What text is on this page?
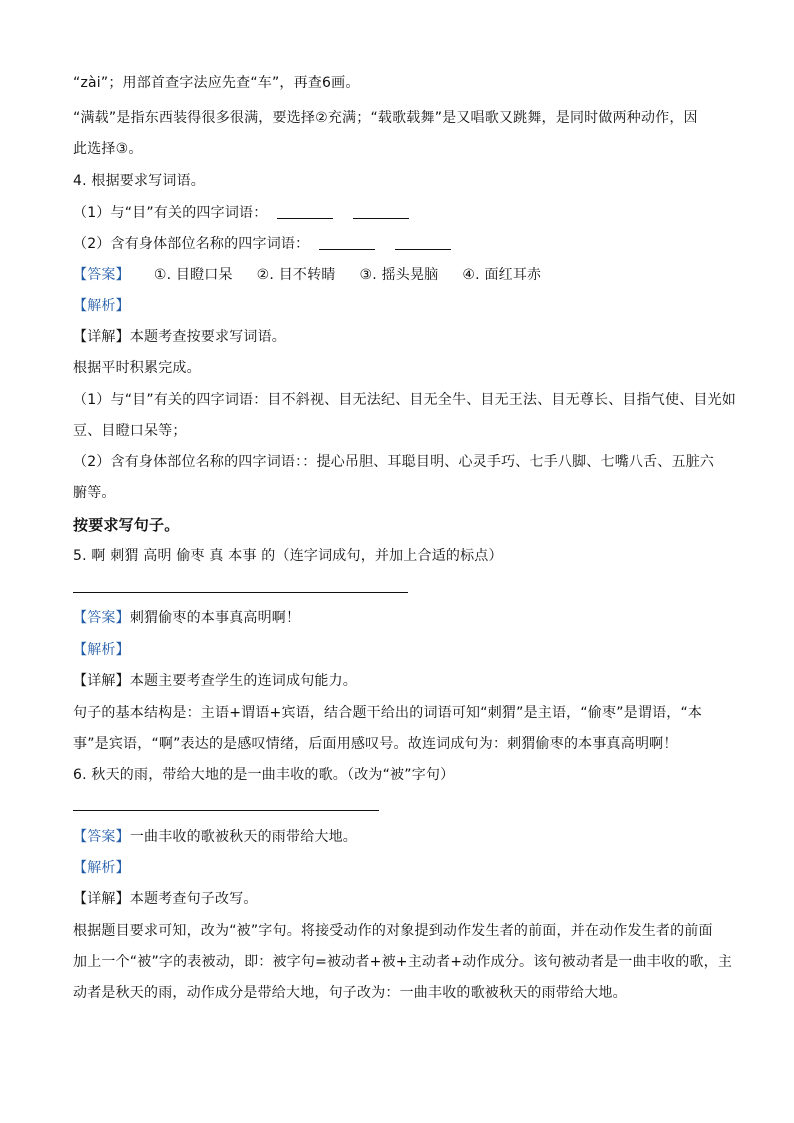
“zài”；用部首查字法应先查“车”，再查6画。
“满载”是指东西装得很多很满，要选择②充满；“载歌载舞”是又唱歌又跳舞，是同时做两种动作，因
此选择③。
4. 根据要求写词语。
（1）与“目”有关的四字词语：
（2）含有身体部位名称的四字词语：
【答案】 ①. 目瞪口呆 ②. 目不转睛 ③. 摇头晃脑 ④. 面红耳赤
【解析】
【详解】本题考查按要求写词语。
根据平时积累完成。
（1）与“目”有关的四字词语：目不斜视、目无法纪、目无全牛、目无王法、目无尊长、目指气使、目光如
豆、目瞪口呆等；
（2）含有身体部位名称的四字词语：：提心吊胆、耳聪目明、心灵手巧、七手八脚、七嘴八舌、五脏六
腑等。
按要求写句子。
5. 啊 刺猬 高明 偷枣 真 本事 的（连字词成句，并加上合适的标点）
【答案】刺猬偷枣的本事真高明啊！
【解析】
【详解】本题主要考查学生的连词成句能力。
句子的基本结构是：主语+谓语+宾语，结合题干给出的词语可知“刺猬”是主语，“偷枣”是谓语，“本
事”是宾语，“啊”表达的是感叹情绪，后面用感叹号。故连词成句为：刺猬偷枣的本事真高明啊！
6. 秋天的雨，带给大地的是一曲丰收的歌。（改为“被”字句）
【答案】一曲丰收的歌被秋天的雨带给大地。
【解析】
【详解】本题考查句子改写。
根据题目要求可知，改为“被”字句。将接受动作的对象提到动作发生者的前面，并在动作发生者的前面
加上一个“被”字的表被动，即：被字句=被动者+被+主动者+动作成分。该句被动者是一曲丰收的歌，主
动者是秋天的雨，动作成分是带给大地，句子改为：一曲丰收的歌被秋天的雨带给大地。
